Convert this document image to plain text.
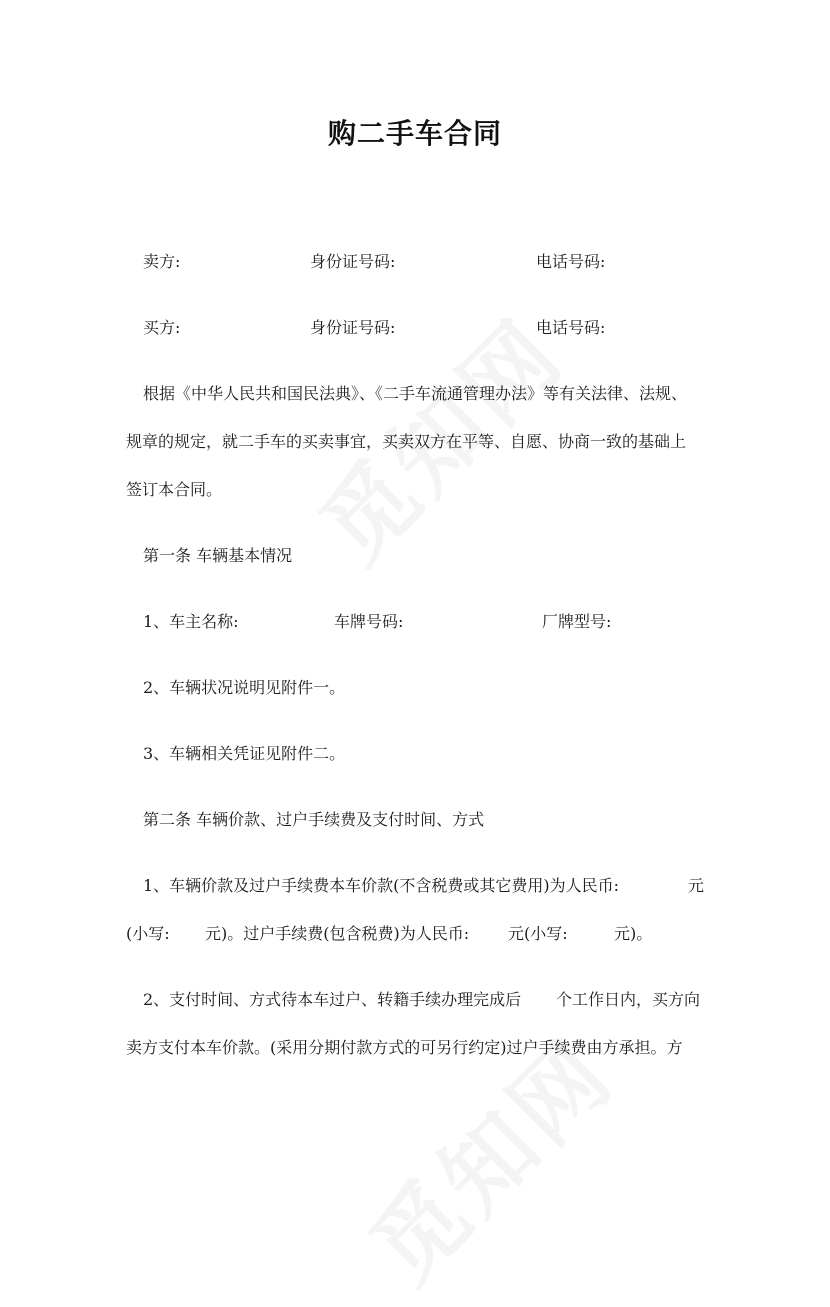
购二手车合同
卖方:	身份证号码:	电话号码:
买方:	身份证号码:	电话号码:
根据《中华人民共和国民法典》、《二手车流通管理办法》等有关法律、法规、
规章的规定，就二手车的买卖事宜，买卖双方在平等、自愿、协商一致的基础上
签订本合同。
第一条 车辆基本情况
1、车主名称:	车牌号码:	厂牌型号:
2、车辆状况说明见附件一。
3、车辆相关凭证见附件二。
第二条 车辆价款、过户手续费及支付时间、方式
1、车辆价款及过户手续费本车价款(不含税费或其它费用)为人民币:	元
(小写: 元)。过户手续费(包含税费)为人民币: 元(小写:	元)。
2、支付时间、方式待本车过户、转籍手续办理完成后 个工作日内，买方向
卖方支付本车价款。(采用分期付款方式的可另行约定)过户手续费由方承担。方
